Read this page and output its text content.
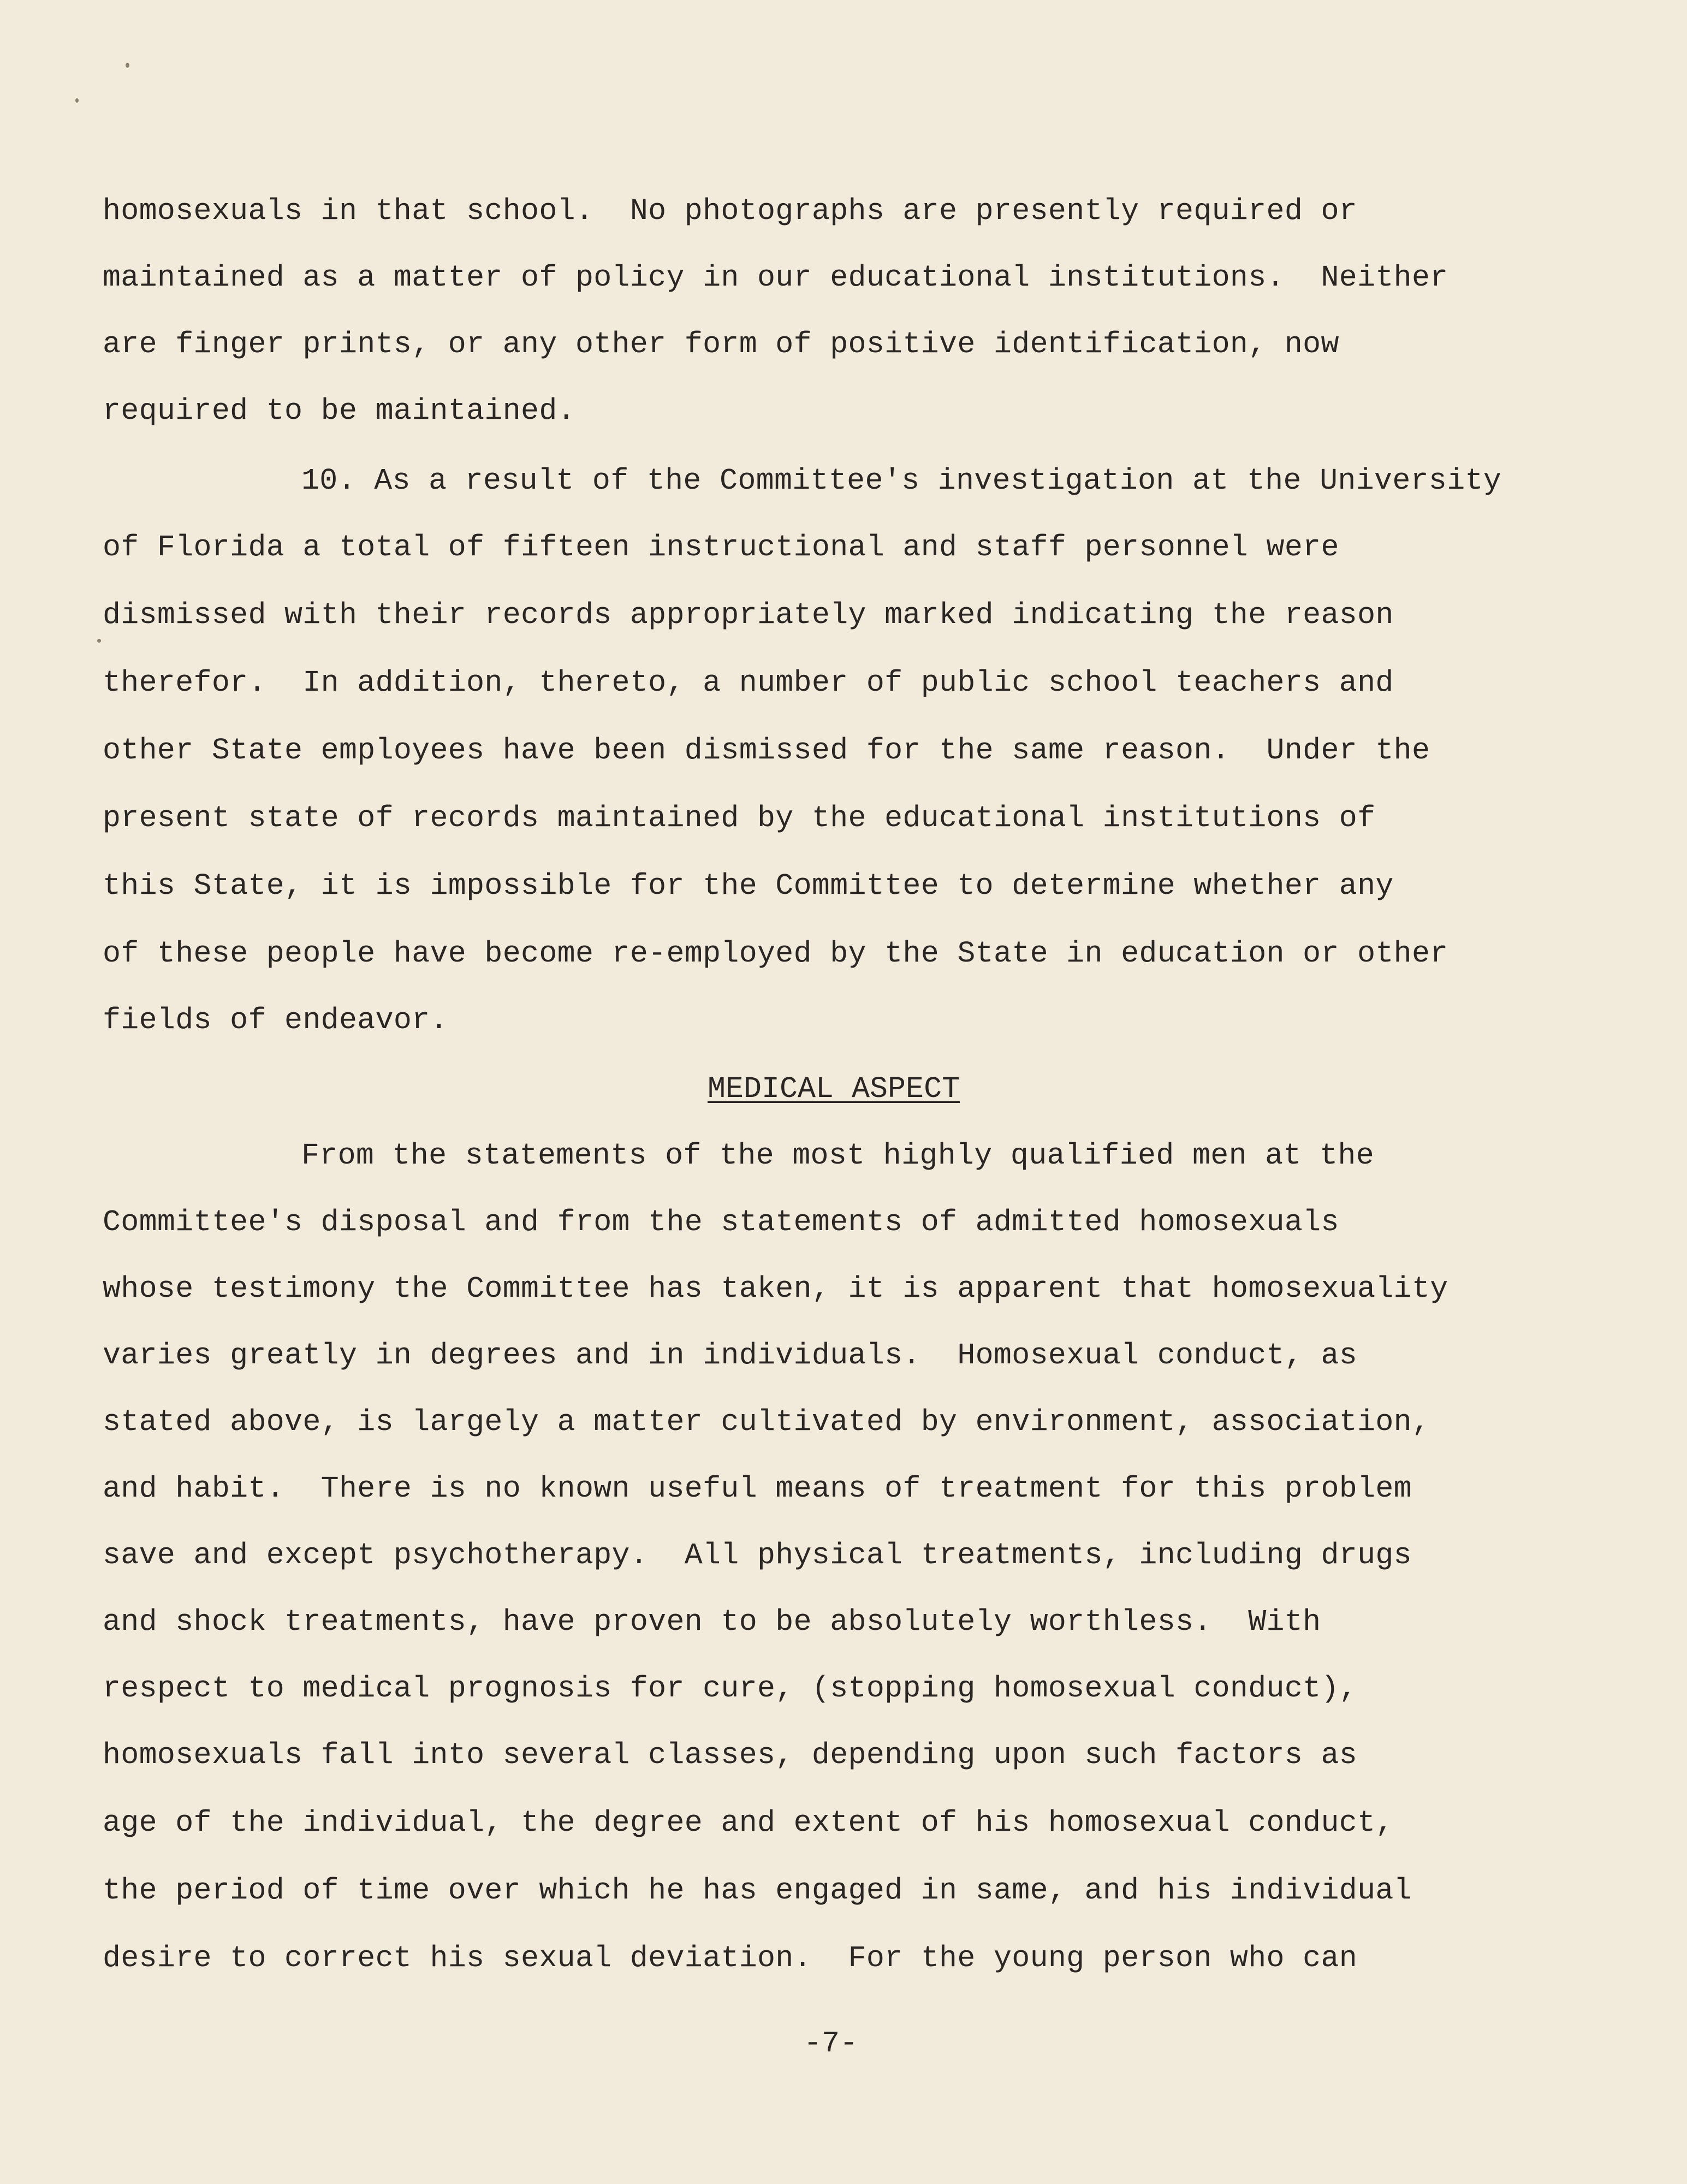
homosexuals in that school.  No photographs are presently required or
maintained as a matter of policy in our educational institutions.  Neither
are finger prints, or any other form of positive identification, now
required to be maintained.
10. As a result of the Committee's investigation at the University
of Florida a total of fifteen instructional and staff personnel were
dismissed with their records appropriately marked indicating the reason
therefor.  In addition, thereto, a number of public school teachers and
other State employees have been dismissed for the same reason.  Under the
present state of records maintained by the educational institutions of
this State, it is impossible for the Committee to determine whether any
of these people have become re-employed by the State in education or other
fields of endeavor.
MEDICAL ASPECT
From the statements of the most highly qualified men at the
Committee's disposal and from the statements of admitted homosexuals
whose testimony the Committee has taken, it is apparent that homosexuality
varies greatly in degrees and in individuals.  Homosexual conduct, as
stated above, is largely a matter cultivated by environment, association,
and habit.  There is no known useful means of treatment for this problem
save and except psychotherapy.  All physical treatments, including drugs
and shock treatments, have proven to be absolutely worthless.  With
respect to medical prognosis for cure, (stopping homosexual conduct),
homosexuals fall into several classes, depending upon such factors as
age of the individual, the degree and extent of his homosexual conduct,
the period of time over which he has engaged in same, and his individual
desire to correct his sexual deviation.  For the young person who can
-7-
